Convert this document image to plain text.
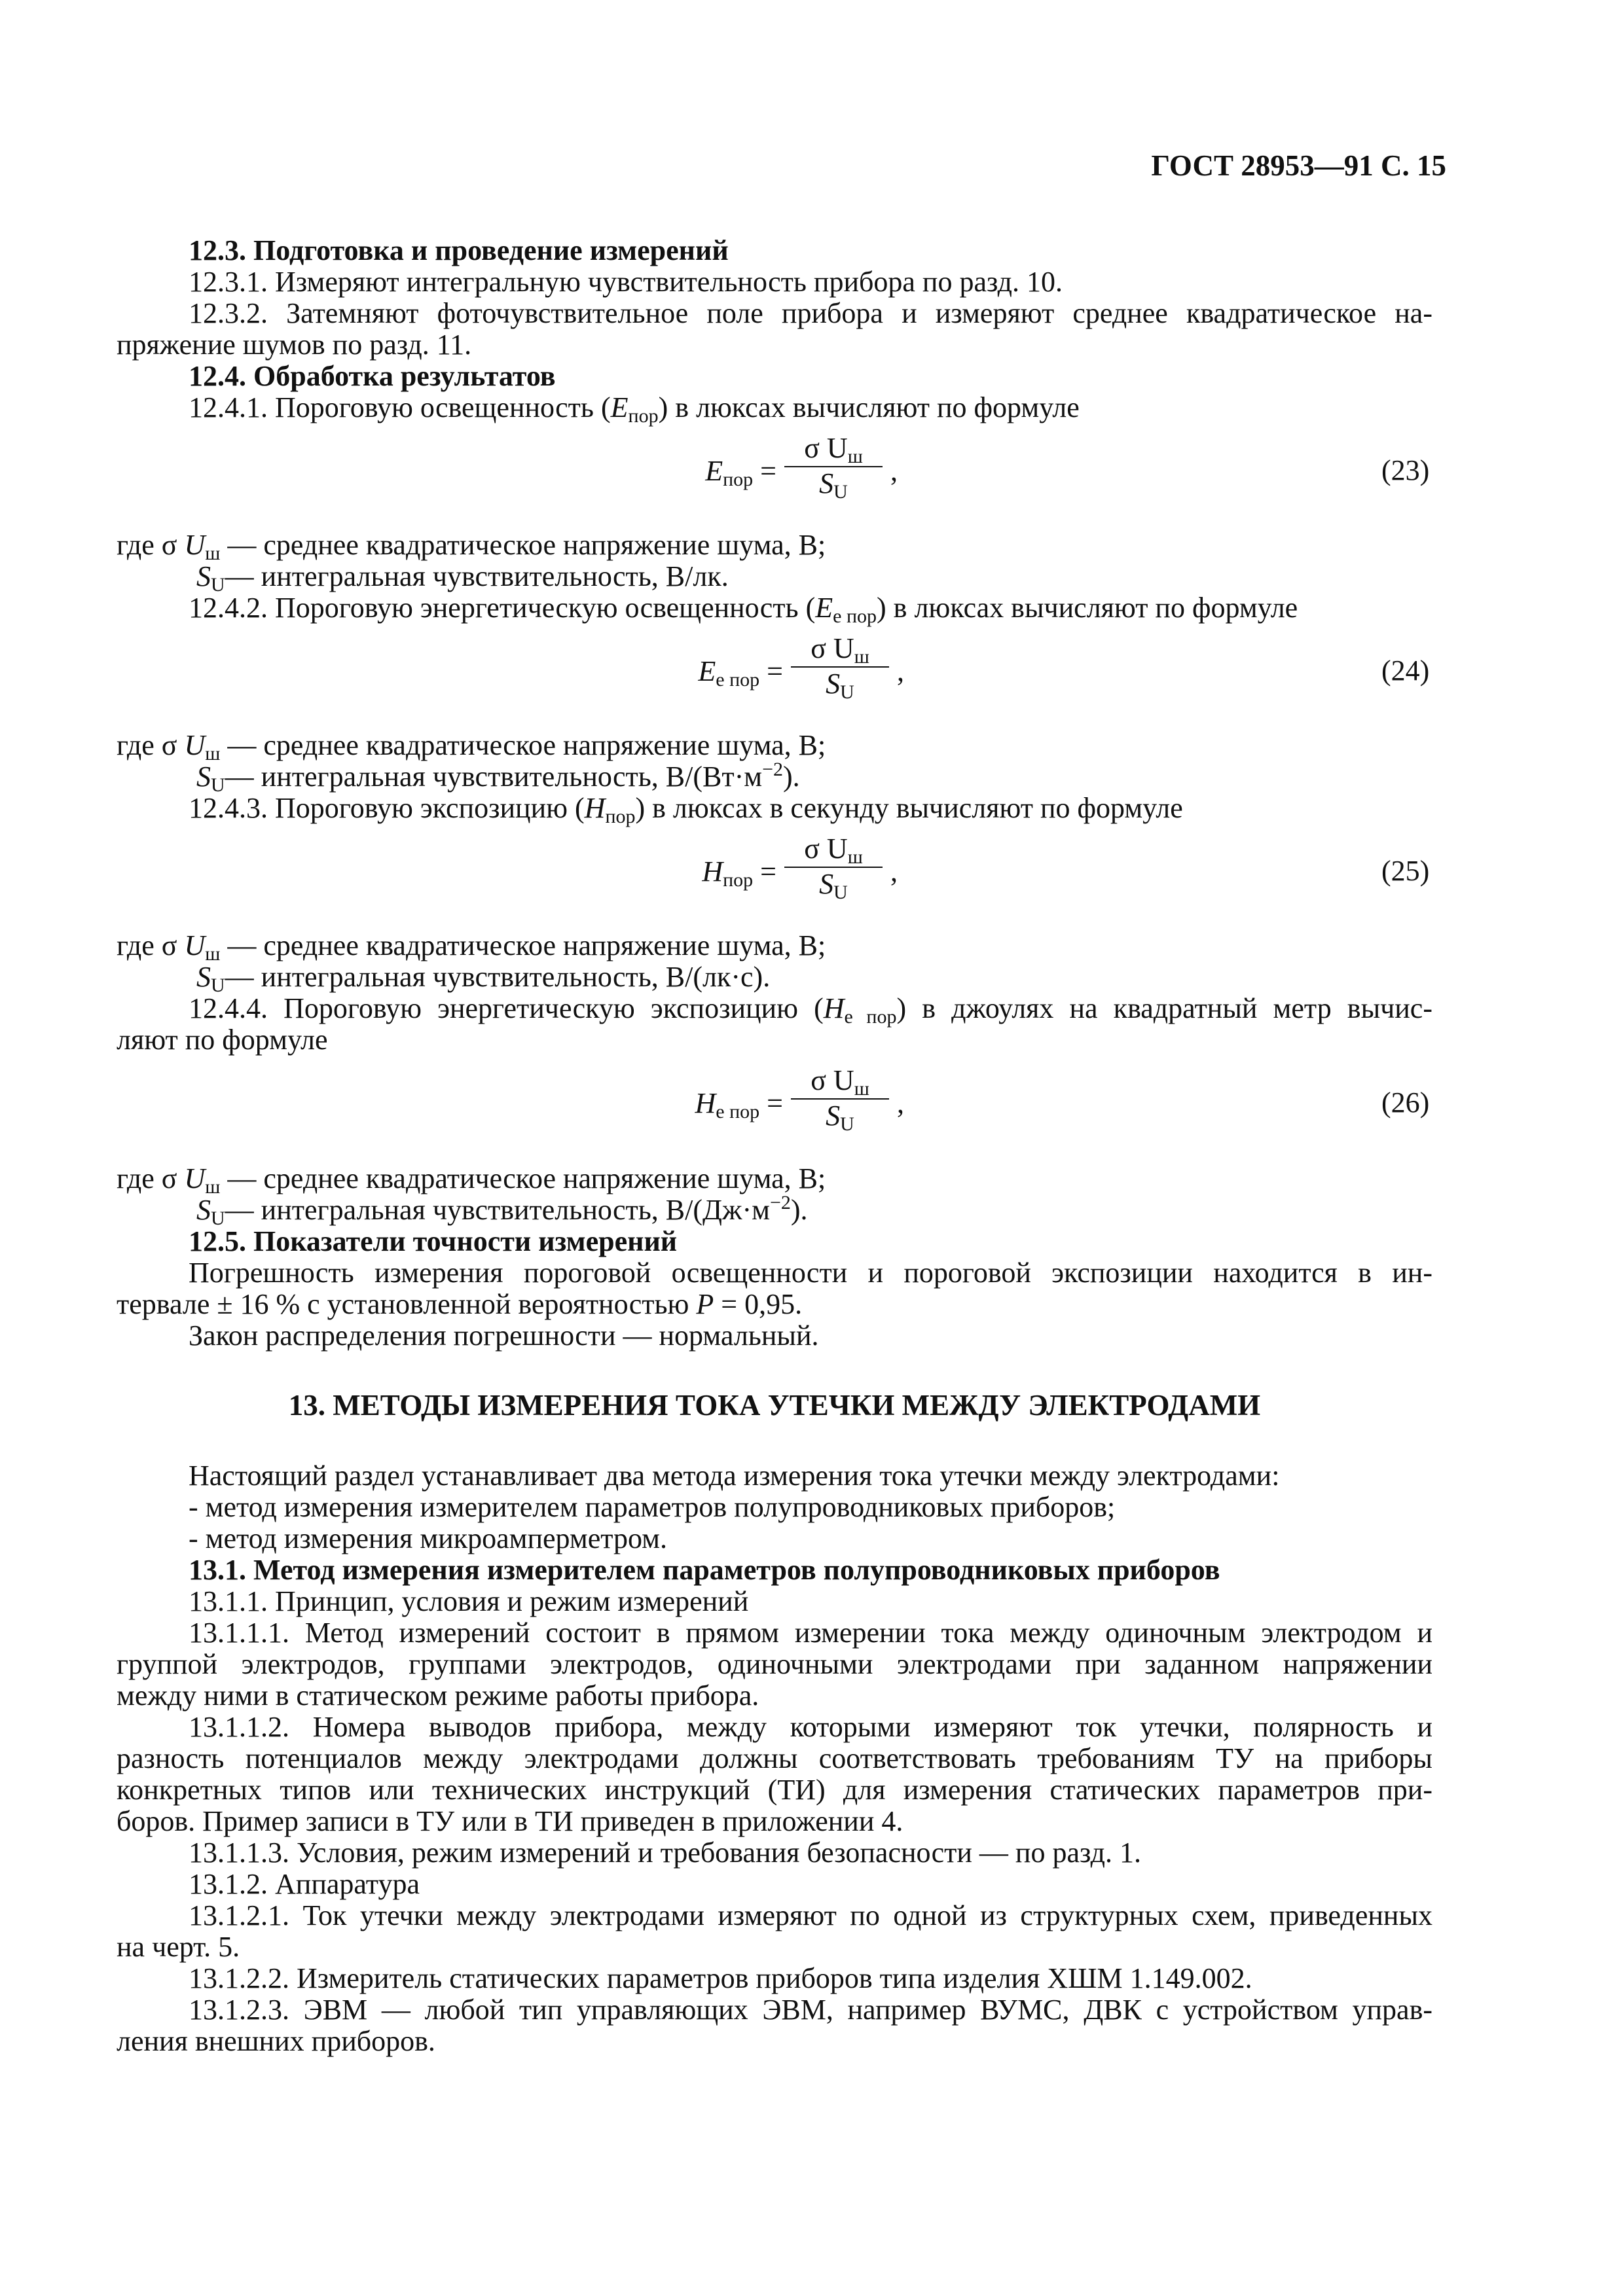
ГОСТ 28953—91 С. 15
12.3. Подготовка и проведение измерений
12.3.1. Измеряют интегральную чувствительность прибора по разд. 10.
12.3.2. Затемняют фоточувствительное поле прибора и измеряют среднее квадратическое на-
пряжение шумов по разд. 11.
12.4. Обработка результатов
12.4.1. Пороговую освещенность $(E_{пор})$ в люксах вычисляют по формуле
$E_{пор}$ =
σ Uш
SU
,	(23)
где σ $U_ш$ — среднее квадратическое напряжение шума, В;
$S_U—$ интегральная чувствительность, В/лк.
12.4.2. Пороговую энергетическую освещенность $(E_{е пор})$ в люксах вычисляют по формуле
$E_{е пор}$ =
σ Uш
SU
,	(24)
где σ $U_ш$ — среднее квадратическое напряжение шума, В;
$S_U—$ интегральная чувствительность, $В/(Вт\cdot м^{-2})$.
12.4.3. Пороговую экспозицию $(H_{пор})$ в люксах в секунду вычисляют по формуле
$H_{пор}$ =
σ Uш
SU
,	(25)
где σ $U_ш$ — среднее квадратическое напряжение шума, В;
$S_U—$ интегральная чувствительность, В/(лк·с).
12.4.4. Пороговую энергетическую экспозицию $(H_{е пор})$ в джоулях на квадратный метр вычис-
ляют по формуле
$H_{е пор}$ =
σ Uш
SU
,	(26)
где σ $U_ш$ — среднее квадратическое напряжение шума, В;
$S_U—$ интегральная чувствительность, $В/(Дж\cdot м^{-2})$.
12.5. Показатели точности измерений
Погрешность измерения пороговой освещенности и пороговой экспозиции находится в ин-
тервале ± 16 % с установленной вероятностью P = 0,95.
Закон распределения погрешности — нормальный.
13. МЕТОДЫ ИЗМЕРЕНИЯ ТОКА УТЕЧКИ МЕЖДУ ЭЛЕКТРОДАМИ
Настоящий раздел устанавливает два метода измерения тока утечки между электродами:
- метод измерения измерителем параметров полупроводниковых приборов;
- метод измерения микроамперметром.
13.1. Метод измерения измерителем параметров полупроводниковых приборов
13.1.1. Принцип, условия и режим измерений
13.1.1.1. Метод измерений состоит в прямом измерении тока между одиночным электродом и
группой электродов, группами электродов, одиночными электродами при заданном напряжении
между ними в статическом режиме работы прибора.
13.1.1.2. Номера выводов прибора, между которыми измеряют ток утечки, полярность и
разность потенциалов между электродами должны соответствовать требованиям ТУ на приборы
конкретных типов или технических инструкций (ТИ) для измерения статических параметров при-
боров. Пример записи в ТУ или в ТИ приведен в приложении 4.
13.1.1.3. Условия, режим измерений и требования безопасности — по разд. 1.
13.1.2. Аппаратура
13.1.2.1. Ток утечки между электродами измеряют по одной из структурных схем, приведенных
на черт. 5.
13.1.2.2. Измеритель статических параметров приборов типа изделия ХШМ 1.149.002.
13.1.2.3. ЭВМ — любой тип управляющих ЭВМ, например ВУМС, ДВК с устройством управ-
ления внешних приборов.
